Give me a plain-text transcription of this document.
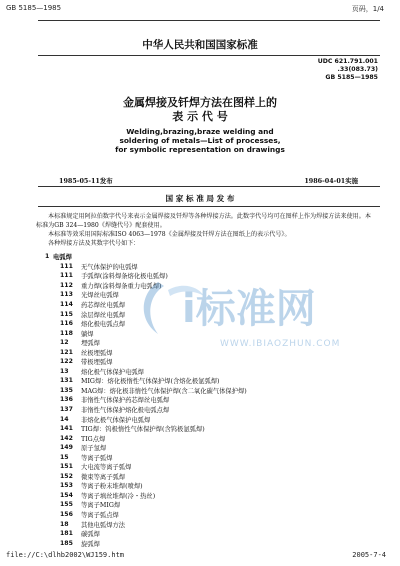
GB 5185—1985	页码，1/4
中华人民共和国国家标准
UDC 621.791.001
.33(083.73)
GB 5185—1985
金属焊接及钎焊方法在图样上的
表 示 代 号
Welding,brazing,braze welding and
soldering of metals—List of processes,
for symbolic representation on drawings
1985-05-11发布	1986-04-01实施
国 家 标 准 局 发 布
本标准规定用阿拉伯数字代号来表示金属焊接及钎焊等各种焊接方法。此数字代号均可在图样上作为焊接方法来使用。本标准为GB 324—1980《焊缝代号》配套使用。
本标准等效采用国际标准ISO 4063—1978《金属焊接及钎焊方法在图纸上的表示代号》。
各种焊接方法及其数字代号如下：
1 电弧焊
111	无气体保护的电弧焊
111	手弧焊(涂料焊条熔化极电弧焊)
112	重力焊(涂料焊条重力电弧焊)
113	光焊丝电弧焊
114	药芯焊丝电弧焊
115	涂层焊丝电弧焊
116	熔化极电弧点焊
118	躺焊
12	埋弧焊
121	丝极埋弧焊
122	带极埋弧焊
13	熔化极气体保护电弧焊
131	MIG焊：熔化极惰性气体保护焊(含熔化极氩弧焊)
135	MAG焊：熔化极非惰性气体保护焊(含二氧化碳气体保护焊)
136	非惰性气体保护药芯焊丝电弧焊
137	非惰性气体保护熔化极电弧点焊
14	非熔化极气体保护电弧焊
141	TIG焊：钨极惰性气体保护焊(含钨极氩弧焊)
142	TIG点焊
149	原子氢焊
15	等离子弧焊
151	大电流等离子弧焊
152	微束等离子弧焊
153	等离子粉末堆焊(喷焊)
154	等离子填丝堆焊(冷・热丝)
155	等离子MIG焊
156	等离子弧点焊
18	其他电弧焊方法
181	碳弧焊
185	旋弧焊
i标准网
WWW.IBIAOZHUN.COM
file://C:\dlhb2002\WJ159.htm	2005-7-4
